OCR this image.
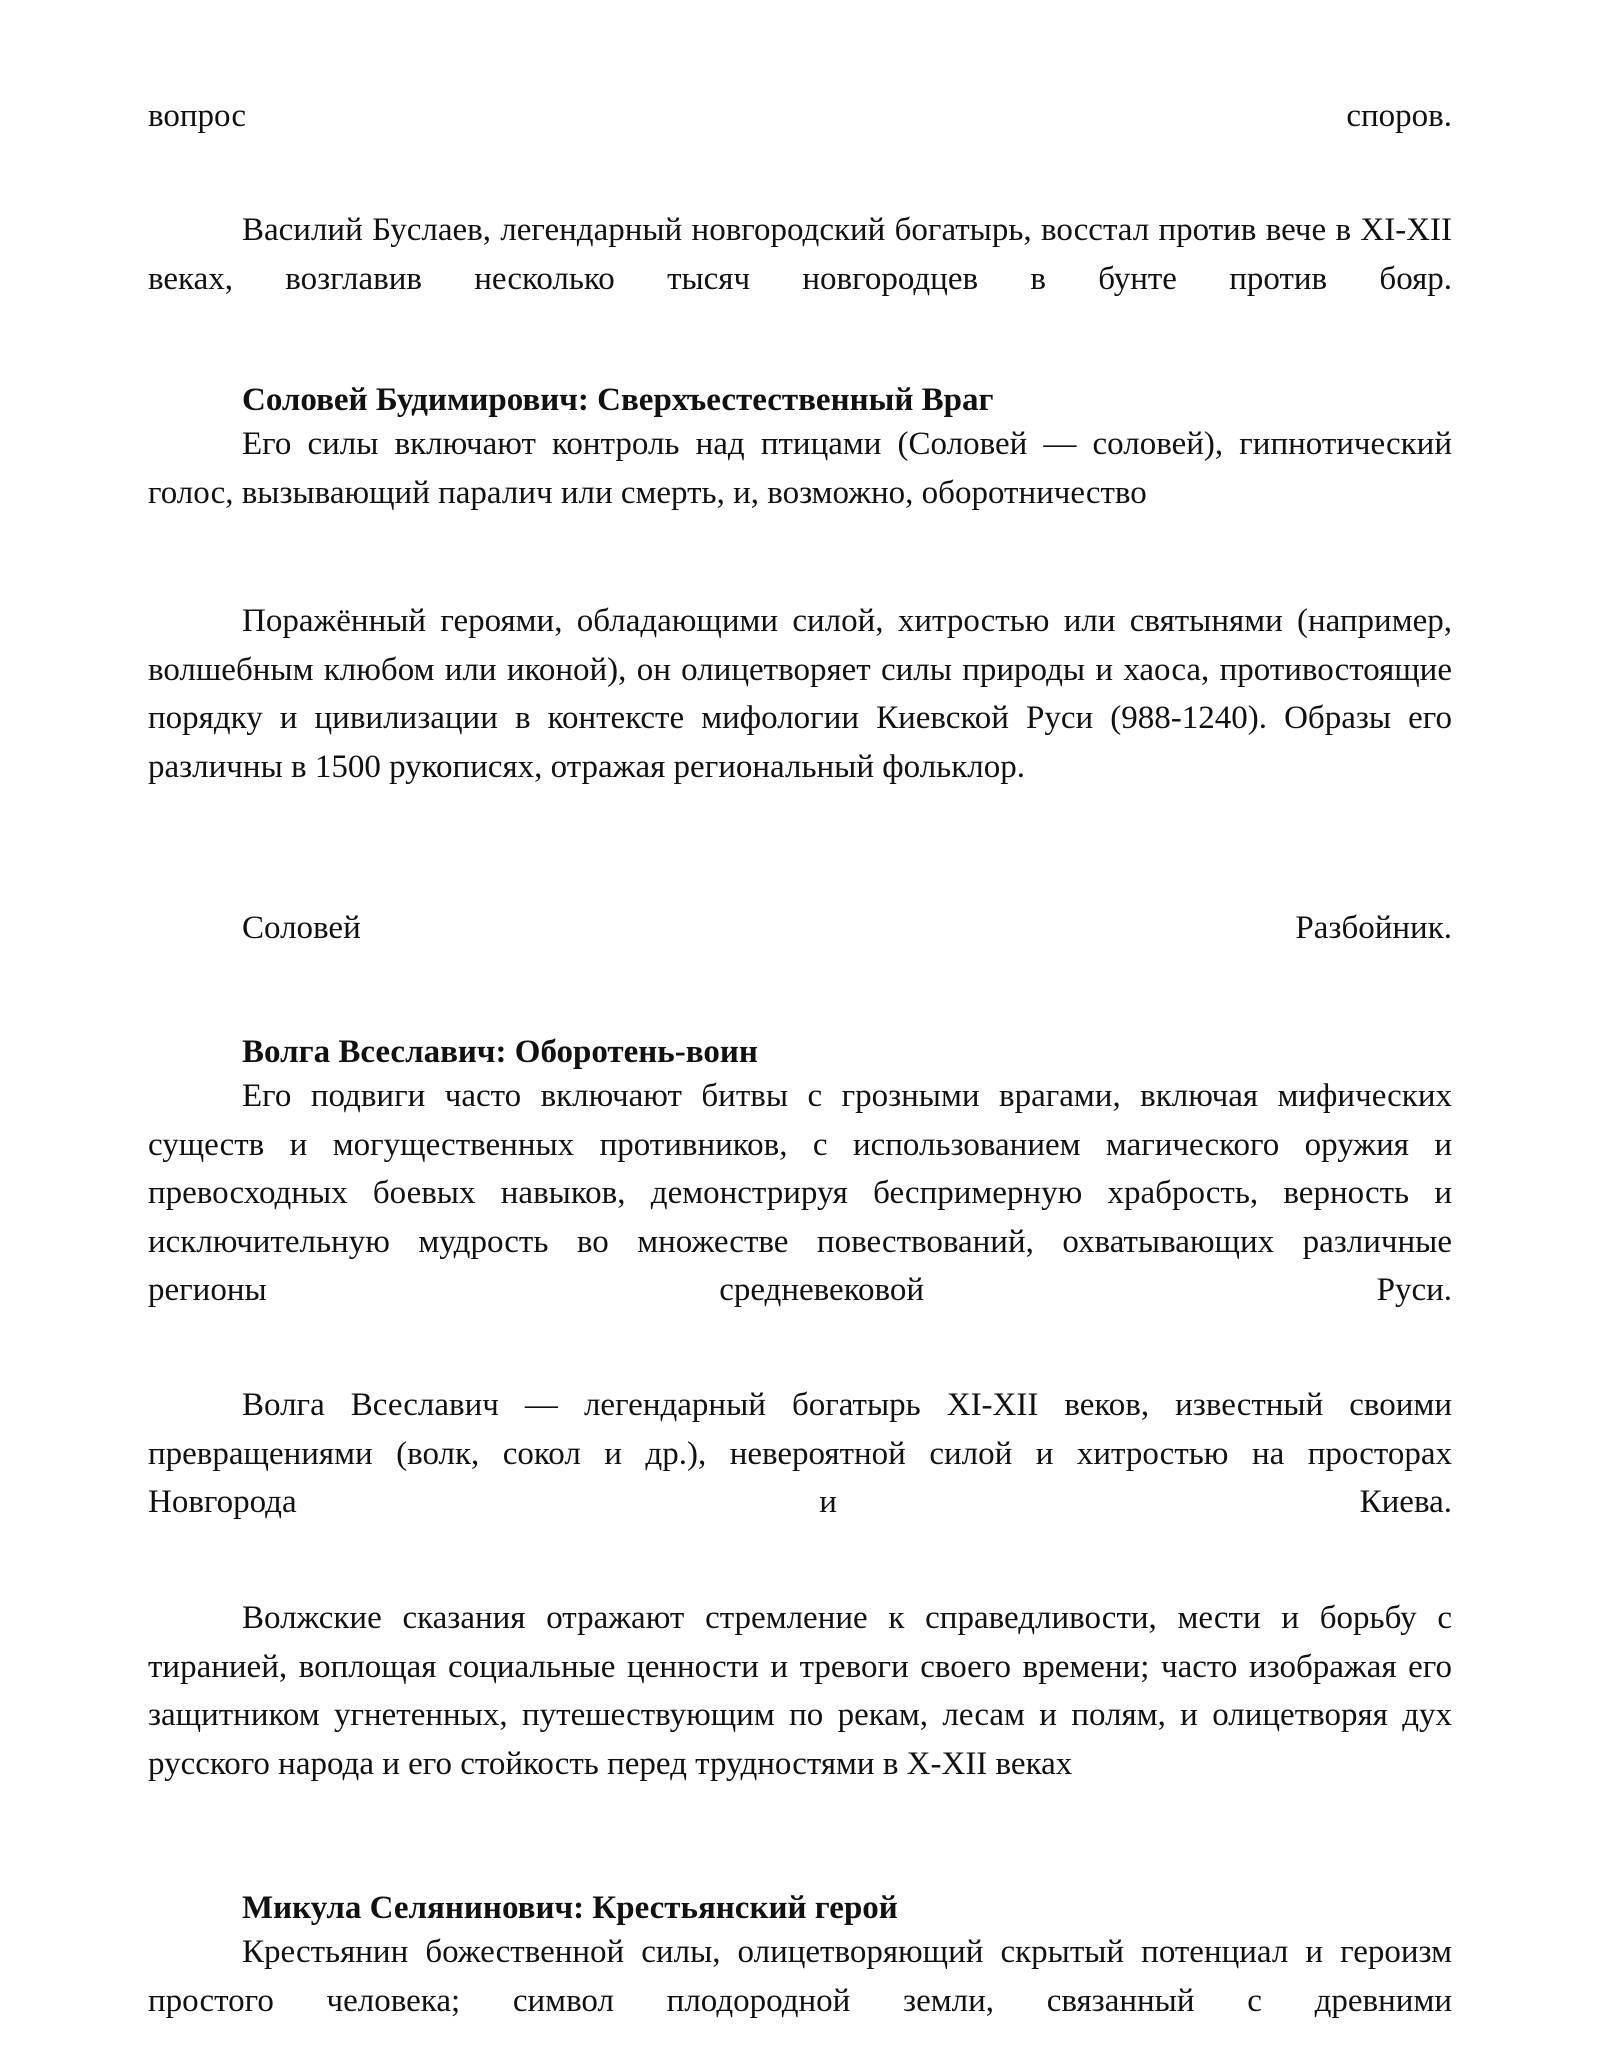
вопрос	споров.

Василий Буслаев, легендарный новгородский богатырь, восстал против вече в XI-XII веках, возглавив несколько тысяч новгородцев в бунте против бояр.

Соловей Будимирович: Сверхъестественный Враг

Его силы включают контроль над птицами (Соловей — соловей), гипнотический голос, вызывающий паралич или смерть, и, возможно, оборотничество

Поражённый героями, обладающими силой, хитростью или святынями (например, волшебным клюбом или иконой), он олицетворяет силы природы и хаоса, противостоящие порядку и цивилизации в контексте мифологии Киевской Руси (988-1240). Образы его различны в 1500 рукописях, отражая региональный фольклор.

Соловей	Разбойник.
Волга Всеславич: Оборотень-воин

Его подвиги часто включают битвы с грозными врагами, включая мифических существ и могущественных противников, с использованием магического оружия и превосходных боевых навыков, демонстрируя беспримерную храбрость, верность и исключительную мудрость во множестве повествований, охватывающих различные регионы средневековой Руси.

Волга Всеславич — легендарный богатырь XI-XII веков, известный своими превращениями (волк, сокол и др.), невероятной силой и хитростью на просторах Новгорода и Киева.

Волжские сказания отражают стремление к справедливости, мести и борьбу с тиранией, воплощая социальные ценности и тревоги своего времени; часто изображая его защитником угнетенных, путешествующим по рекам, лесам и полям, и олицетворяя дух русского народа и его стойкость перед трудностями в X-XII веках

Микула Селянинович: Крестьянский герой

Крестьянин божественной силы, олицетворяющий скрытый потенциал и героизм простого человека; символ плодородной земли, связанный с древними
